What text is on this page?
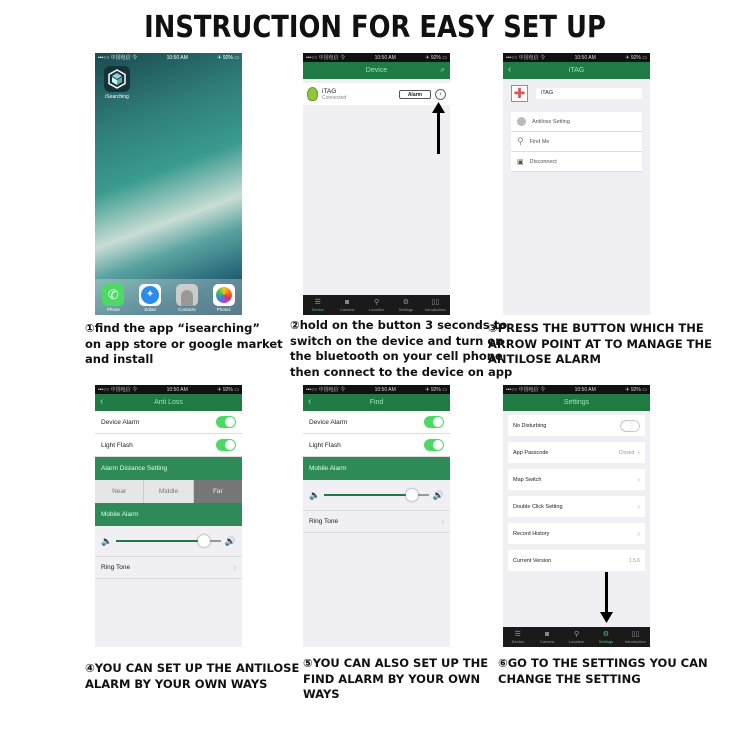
INSTRUCTION FOR EASY SET UP
•••○○ 中国电信 令	10:50 AM	✈ 92% ▭
iSearching
✆
Phone
✦
Safari	Contacts	Photos
①find the app “isearching”
on app store or google market
and install
•••○○ 中国电信 令	10:50 AM	✈ 92% ▭
Device	⌕
iTAG
Connected	Alarm	›
☰
Device
◙
Camera
⚲
Location
⚙
Settings
▯▯
Introduction
②hold on the button 3 seconds to
switch on the device and turn on
the bluetooth on your cell phone
then connect to the device on app
•••○○ 中国电信 令	10:50 AM	✈ 92% ▭
‹	iTAG
✚	iTAG
Antiloss Setting
⚲ Find Me
▣ Disconnect
③PRESS THE BUTTON WHICH THE
ARROW POINT AT TO MANAGE THE
ANTILOSE ALARM
•••○○ 中国电信 令	10:50 AM	✈ 92% ▭
‹	Anti Loss
Device Alarm
Light Flash
Alarm Distance Setting
Near	Middle	Far
Mobile Alarm
🔈	🔊
Ring Tone	›
④YOU CAN SET UP THE ANTILOSE
ALARM BY YOUR OWN WAYS
•••○○ 中国电信 令	10:50 AM	✈ 92% ▭
‹	Find
Device Alarm
Light Flash
Mobile Alarm
🔈	🔊
Ring Tone	›
⑤YOU CAN ALSO SET UP THE
FIND ALARM BY YOUR OWN
WAYS
•••○○ 中国电信 令	10:50 AM	✈ 92% ▭
Settings
No Disturbing
App Passcode	Closed ›
Map Switch	›
Double Click Setting	›
Record History	›
Current Version	1.5.6
☰
Device
◙
Camera
⚲
Location
⚙
Settings
▯▯
Introduction
⑥GO TO THE SETTINGS YOU CAN
CHANGE THE SETTING
